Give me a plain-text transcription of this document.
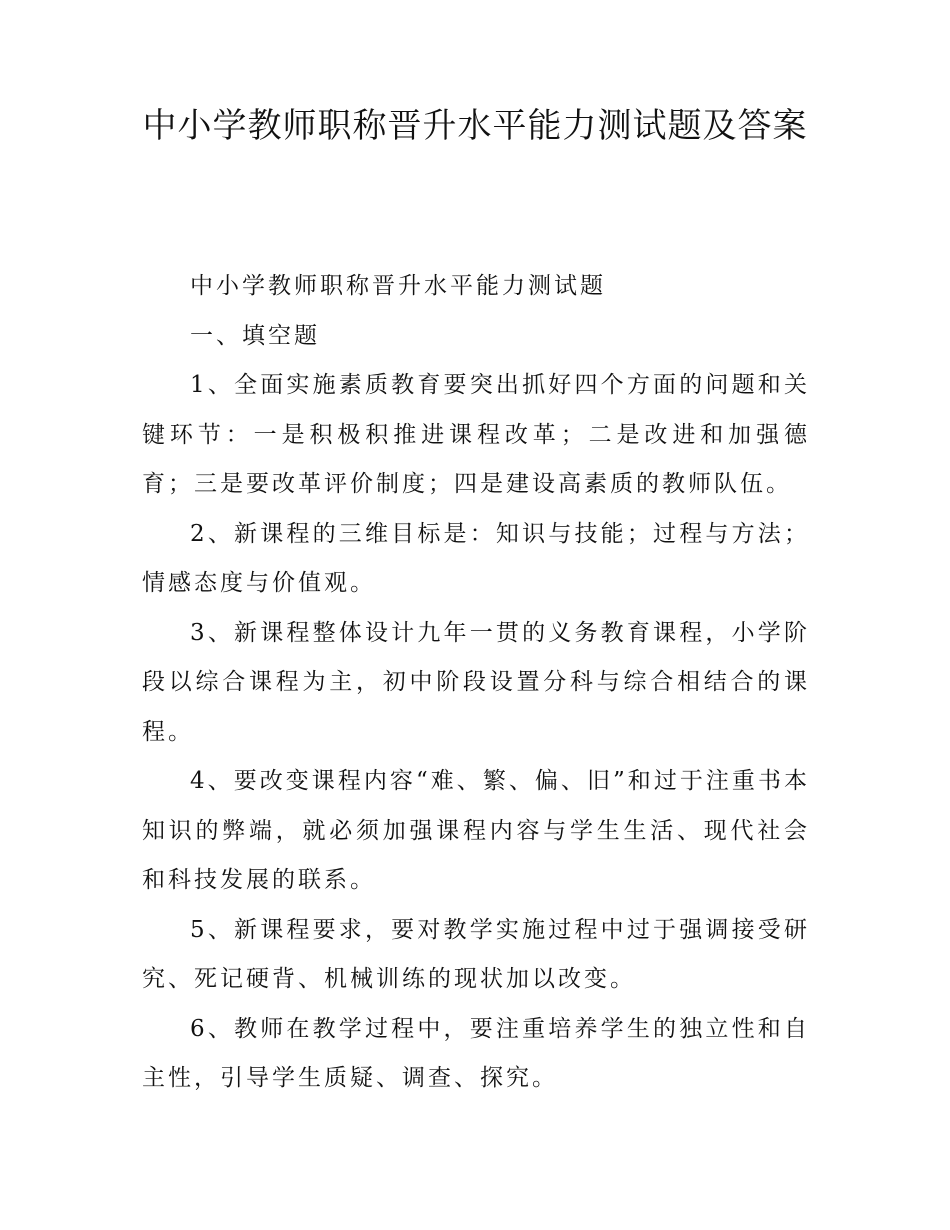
中小学教师职称晋升水平能力测试题及答案

中小学教师职称晋升水平能力测试题

一、填空题

1、全面实施素质教育要突出抓好四个方面的问题和关键环节：一是积极积推进课程改革；二是改进和加强德育；三是要改革评价制度；四是建设高素质的教师队伍。

2、新课程的三维目标是：知识与技能；过程与方法；情感态度与价值观。

3、新课程整体设计九年一贯的义务教育课程，小学阶段以综合课程为主，初中阶段设置分科与综合相结合的课程。

4、要改变课程内容“难、繁、偏、旧”和过于注重书本知识的弊端，就必须加强课程内容与学生生活、现代社会和科技发展的联系。

5、新课程要求，要对教学实施过程中过于强调接受研究、死记硬背、机械训练的现状加以改变。

6、教师在教学过程中，要注重培养学生的独立性和自主性，引导学生质疑、调查、探究。
